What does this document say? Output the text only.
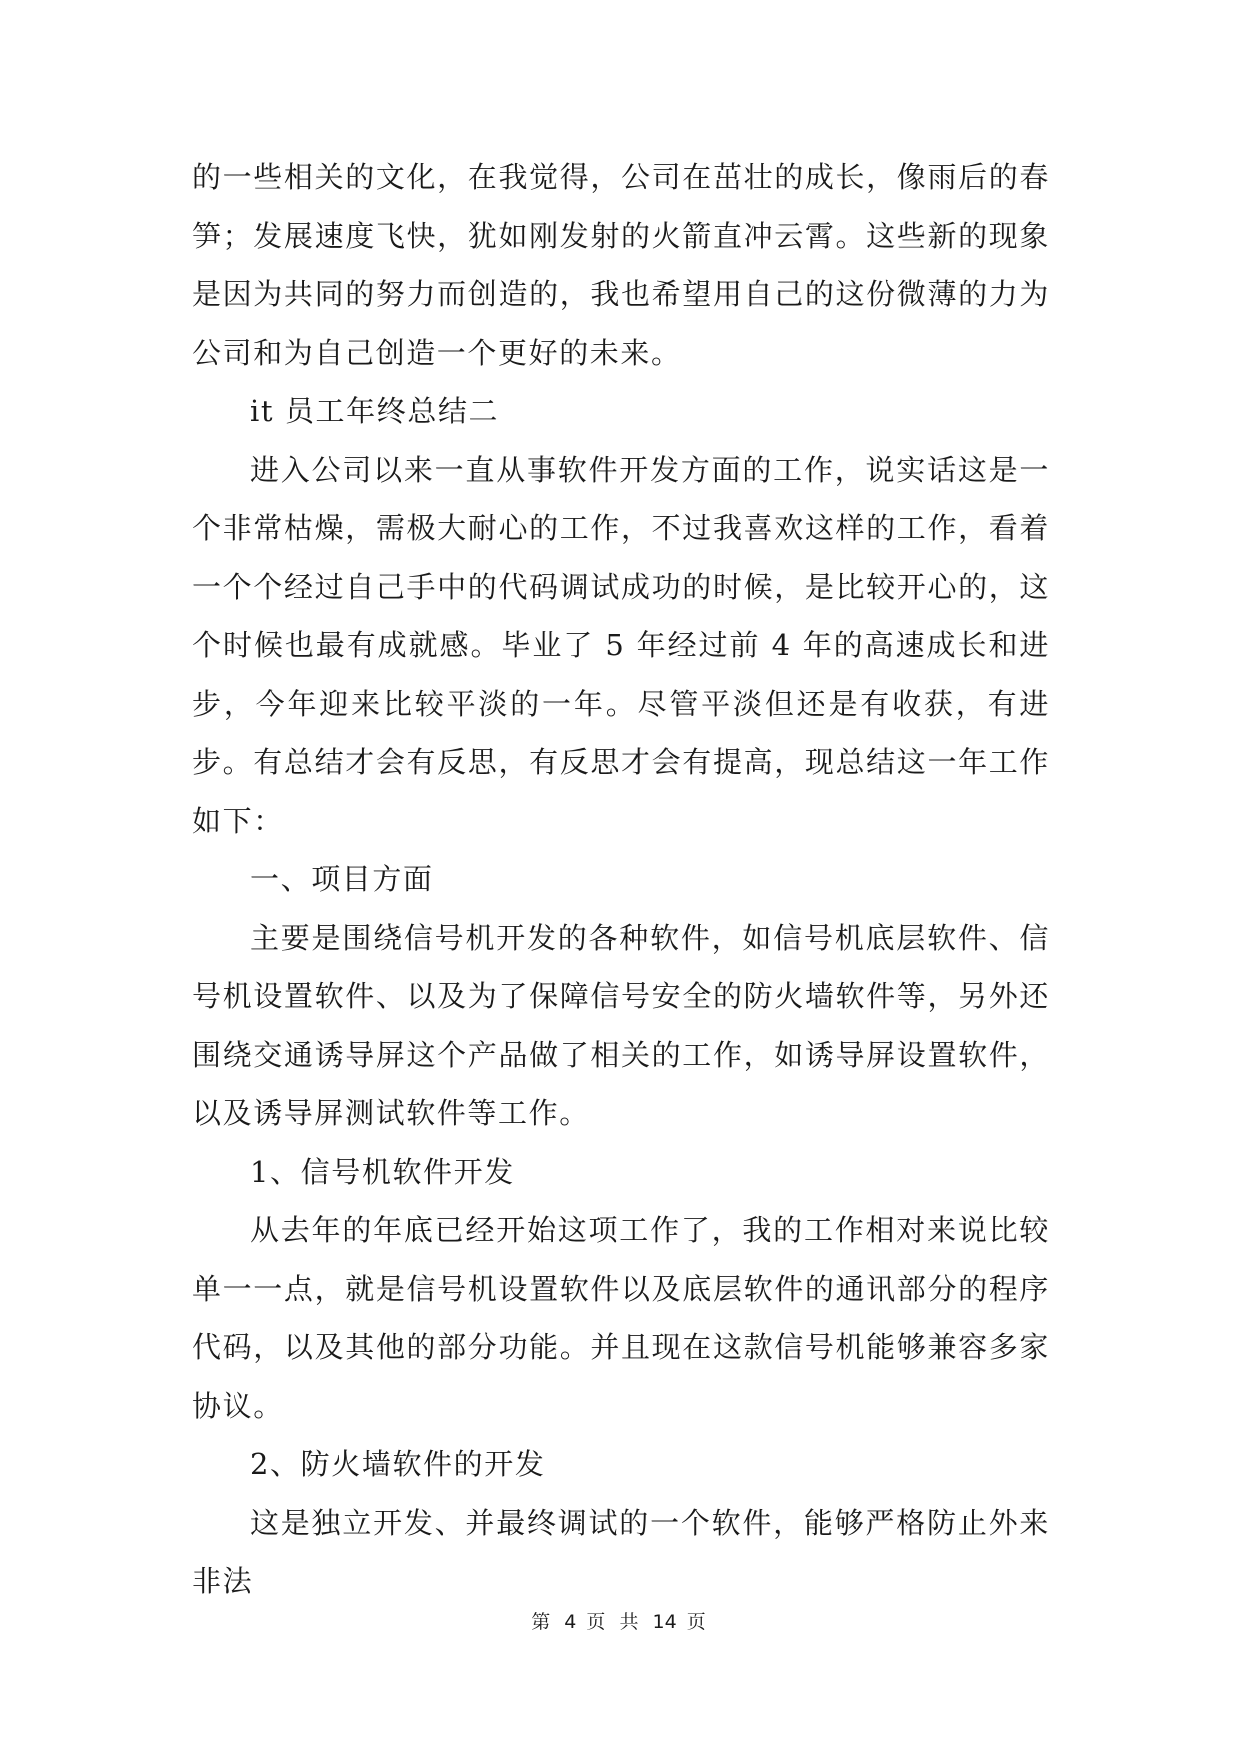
的一些相关的文化，在我觉得，公司在茁壮的成长，像雨后的春笋；发展速度飞快，犹如刚发射的火箭直冲云霄。这些新的现象是因为共同的努力而创造的，我也希望用自己的这份微薄的力为公司和为自己创造一个更好的未来。

it 员工年终总结二

进入公司以来一直从事软件开发方面的工作，说实话这是一个非常枯燥，需极大耐心的工作，不过我喜欢这样的工作，看着一个个经过自己手中的代码调试成功的时候，是比较开心的，这个时候也最有成就感。毕业了 5 年经过前 4 年的高速成长和进步，今年迎来比较平淡的一年。尽管平淡但还是有收获，有进步。有总结才会有反思，有反思才会有提高，现总结这一年工作如下：

一、项目方面

主要是围绕信号机开发的各种软件，如信号机底层软件、信号机设置软件、以及为了保障信号安全的防火墙软件等，另外还围绕交通诱导屏这个产品做了相关的工作，如诱导屏设置软件，以及诱导屏测试软件等工作。

1、信号机软件开发

从去年的年底已经开始这项工作了，我的工作相对来说比较单一一点，就是信号机设置软件以及底层软件的通讯部分的程序代码，以及其他的部分功能。并且现在这款信号机能够兼容多家协议。

2、防火墙软件的开发

这是独立开发、并最终调试的一个软件，能够严格防止外来非法

第 4 页 共 14 页
